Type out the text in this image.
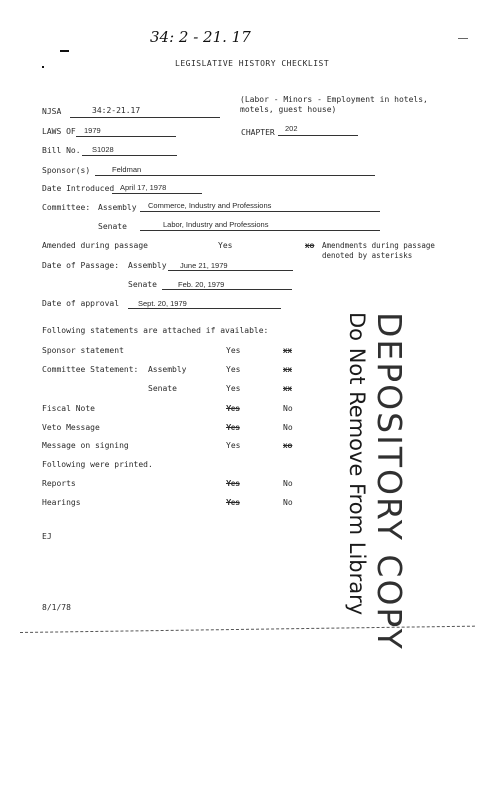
34: 2 - 21. 17
LEGISLATIVE HISTORY CHECKLIST
(Labor - Minors - Employment in hotels, motels, guest house)
NJSA	34:2-21.17
LAWS OF 1979	CHAPTER 202
Bill No. S1028
Sponsor(s)	Feldman
Date Introduced April 17, 1978
Committee: Assembly Commerce, Industry and Professions
Senate	Labor, Industry and Professions
Amended during passage	Yes	xo Amendments during passage denoted by asterisks
Date of Passage: Assembly June 21, 1979
Senate	Feb. 20, 1979
Date of approval	Sept. 20, 1979
Following statements are attached if available:
Sponsor statement	Yes	xx
Committee Statement:  Assembly	Yes	xx
Senate	Yes	xx
Fiscal Note	Yes	No
Veto Message	Yes	No
Message on signing	Yes	xo
Following were printed.
Reports	Yes	No
Hearings	Yes	No
EJ
8/1/78	DEPOSITORY COPY
Do Not Remove From Library
